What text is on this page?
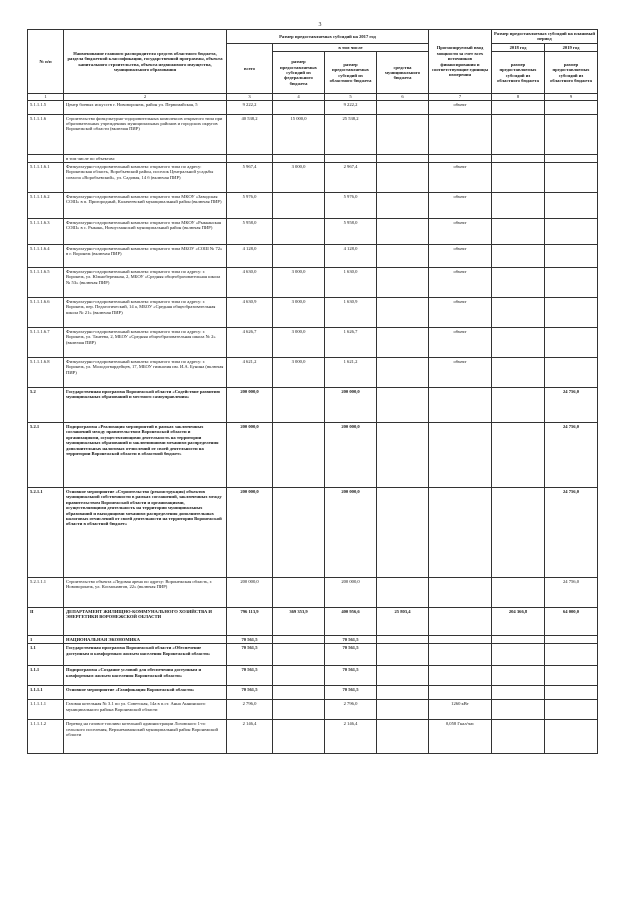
3
№ п/п	Наименование главного распорядителя средств областного бюджета, раздела бюджетной классификации, государственной программы, объекта капитального строительства, объекта недвижимого имущества, муниципального образования	Размер предоставляемых субсидий на 2017 год				Прогнозируемый ввод мощности за счет всех источников финансирования и соответствующие единицы измерения	Размер предоставляемых субсидий на плановый период	
		всего	в том числе				2018 год	2019 год
			размер предоставляемых субсидий из федерального бюджета	размер предоставляемых субсидий из областного бюджета	средства муниципального бюджета		размер предоставляемых субсидий из областного бюджета	размер предоставляемых субсидий из областного бюджета

1	2	3	4	5	6	7	8	9
5.1.1.1.5	Центр боевых искусств г. Нововоронеж, район ул. Первомайская, 5	9 222,2		9 222,2		объект		
5.1.1.1.6	Строительство физкультурно-оздоровительных комплексов открытого типа при образовательных учреждениях муниципальных районов и городских округов Воронежской области (включая ПИР)	40 538,2	15 000,0	25 538,2				
	в том числе по объектам:							
5.1.1.1.6.1	Физкультурно-оздоровительный комплекс открытого типа по адресу: Воронежская область, Воробьевский район, поселок Центральной усадьбы совхоза «Воробьевский», ул. Садовая, 14 б (включая ПИР)	5 967,4	3 000,0	2 967,4		объект		
5.1.1.1.6.2	Физкультурно-оздоровительный комплекс открытого типа МКОУ «Заводская СОШ» в п. Пригородный, Калачеевский муниципальный район (включая ПИР)	5 976,0		5 976,0		объект		
5.1.1.1.6.3	Физкультурно-оздоровительный комплекс открытого типа МКОУ «Рыкканская СОШ» в с. Рыкань, Новоусманский муниципальный район (включая ПИР)	5 958,0		5 958,0		объект		
5.1.1.1.6.4	Физкультурно-оздоровительный комплекс открытого типа МБОУ «СОШ № 72» в г. Воронеж (включая ПИР)	4 128,0		4 128,0		объект		
5.1.1.1.6.5	Физкультурно-оздоровительный комплекс открытого типа по адресу: г. Воронеж, ул. Южнобережная, 2, МБОУ «Средняя общеобразовательная школа № 53» (включая ПИР)	4 630,0	3 000,0	1 630,0		объект		
5.1.1.1.6.6	Физкультурно-оздоровительный комплекс открытого типа по адресу: г. Воронеж, пер. Педагогический, 14 а, МБОУ «Средняя общеобразовательная школа № 21» (включая ПИР)	4 630,9	3 000,0	1 630,9		объект		
5.1.1.1.6.7	Физкультурно-оздоровительный комплекс открытого типа по адресу: г. Воронеж, ул. Танеева, 2, МБОУ «Средняя общеобразовательная школа № 2» (включая ПИР)	4 626,7	3 000,0	1 626,7		объект		
5.1.1.1.6.8	Физкультурно-оздоровительный комплекс открытого типа по адресу: г. Воронеж, ул. Молодогвардейцев, 17, МБОУ гимназия им. И.А. Бунина (включая ПИР)	4 621,2	3 000,0	1 621,2		объект		
5.2	Государственная программа Воронежской области «Содействие развитию муниципальных образований и местного самоуправления»	200 000,0		200 000,0				24 756,0
5.2.1	Подпрограмма «Реализация мероприятий в рамках заключенных соглашений между правительством Воронежской области и организациями, осуществляющими деятельность на территории муниципальных образований и заключившими механизм распределения дополнительных налоговых отчислений от своей деятельности на территории Воронежской области в областной бюджет»	200 000,0		200 000,0				24 756,0
5.2.1.1	Основное мероприятие «Строительство (реконструкция) объектов муниципальной собственности в рамках соглашений, заключенных между правительством Воронежской области и организациями, осуществляющими деятельность на территории муниципальных образований и выходящими механизм распределения дополнительных налоговых отчислений от своей деятельности на территории Воронежской области в областной бюджет»	200 000,0		200 000,0				24 756,0
5.2.1.1.1	Строительство объекта «Ледовая арена по адресу: Воронежская область, г. Нововоронеж, ул. Космонавтов, 22» (включая ПИР)	200 000,0		200 000,0				24 756,0
II	ДЕПАРТАМЕНТ ЖИЛИЩНО-КОММУНАЛЬНОГО ХОЗЯЙСТВА И ЭНЕРГЕТИКИ ВОРОНЕЖСКОЙ ОБЛАСТИ	796 113,9	369 353,9	400 956,6	25 803,4		204 366,8	64 000,0
1	НАЦИОНАЛЬНАЯ ЭКОНОМИКА	70 561,5		70 561,5				
1.1	Государственная программа Воронежской области «Обеспечение доступным и комфортным жильем населения Воронежской области»	70 561,5		70 561,5				
1.1.1	Подпрограмма «Создание условий для обеспечения доступным и комфортным жильем населения Воронежской области»	70 561,5		70 561,5				
1.1.1.1	Основное мероприятие «Газификация Воронежской области»	70 561,5		70 561,5				
1.1.1.1.1	Газовая котельная № 3.1 по ул. Советская, 14а в п.ст. Анна Аннинского муниципального района Воронежской области	2 796,0		2 796,0		1260 кВт		
1.1.1.1.2	Перевод на газовое топливо котельной администрации Лозовского 1-го сельского поселения, Верхнемамонский муниципальный район Воронежской области	2 146,4		2 146,4		0,058 Гкал/час		
